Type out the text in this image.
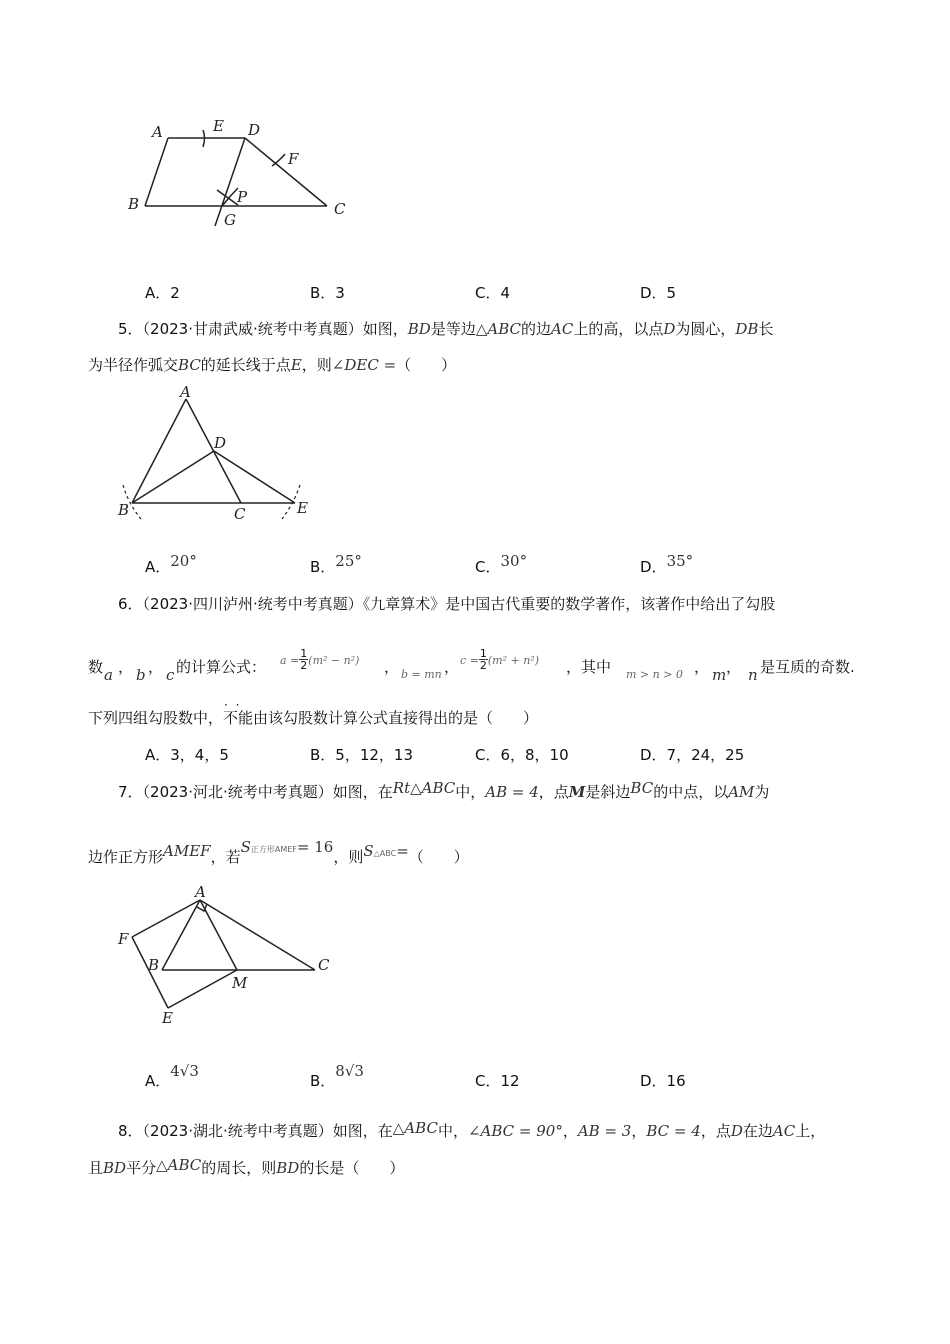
A	E D
F
B	P
G
C
A．2	B．3	C．4	D．5
5．（2023·甘肃武威·统考中考真题）如图，BD是等边△ABC的边AC上的高，以点D为圆心，DB长
为半径作弧交BC的延长线于点E，则∠DEC =（　　）
A
D
B	C	E
A．20°	B．25°	C．30°	D．35°
6．（2023·四川泸州·统考中考真题）《九章算术》是中国古代重要的数学著作，该著作中给出了勾股
数 a ， b ， c 的计算公式： $a = \frac{1}{2} (m^2 - n^2)$ ， b = mn ， $c = \frac{1}{2} (m^2 + n^2)$ ，其中 m > n > 0 ， m ， n 是互质的奇数.
下列四组勾股数中，· · 不能由该勾股数计算公式直接得出的是（　　）
A．3，4，5	B．5，12，13	C．6，8，10	D．7，24，25
7．（2023·河北·统考中考真题）如图，在Rt△ABC中，AB = 4，点M是斜边BC的中点，以AM为
边作正方形AMEF，若S正方形AMEF= 16，则S△ABC=（　　）
A
F
B
M
C
E
A．4√3
B．8√3
C．12	D．16
8．（2023·湖北·统考中考真题）如图，在△ABC中，∠ABC = 90°，AB = 3，BC = 4，点D在边AC上，
且BD平分△ABC的周长，则BD的长是（　　）
